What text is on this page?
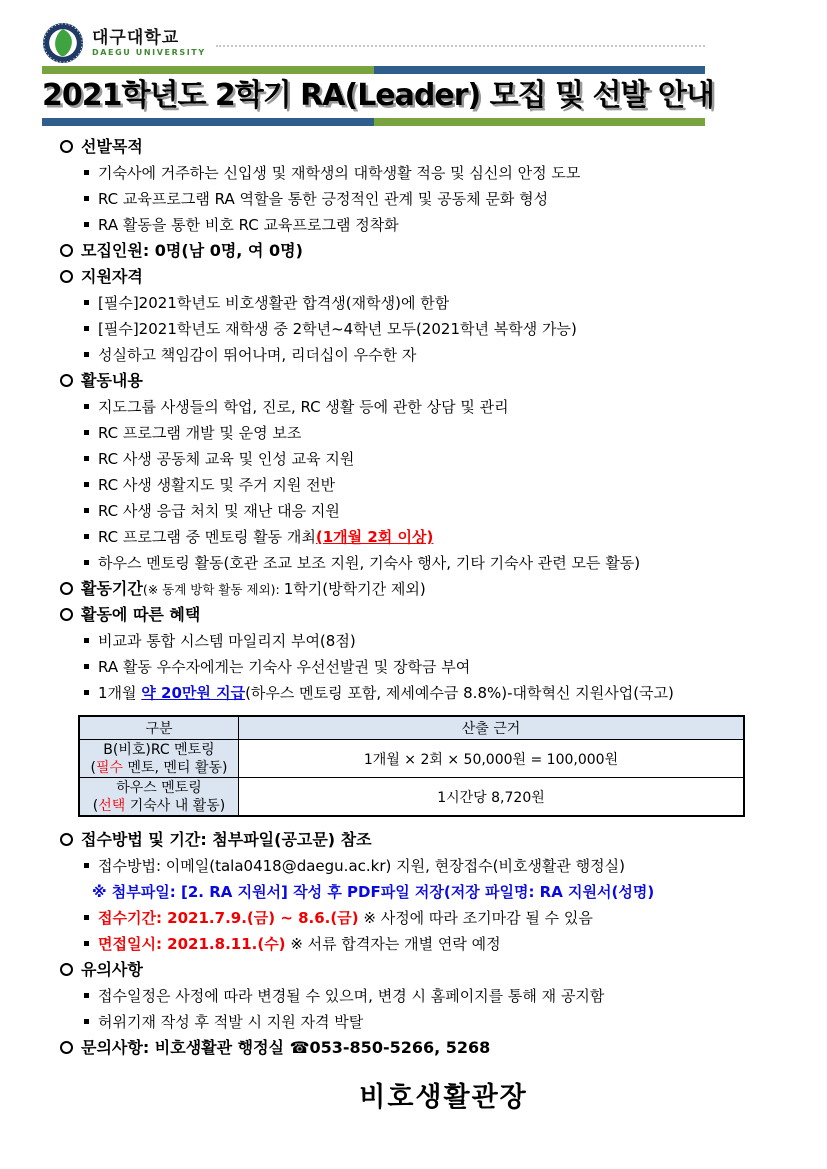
대구대학교
DAEGU UNIVERSITY
2021학년도 2학기 RA(Leader) 모집 및 선발 안내
선발목적
기숙사에 거주하는 신입생 및 재학생의 대학생활 적응 및 심신의 안정 도모
RC 교육프로그램 RA 역할을 통한 긍정적인 관계 및 공동체 문화 형성
RA 활동을 통한 비호 RC 교육프로그램 정착화
모집인원: 0명(남 0명, 여 0명)
지원자격
[필수]2021학년도 비호생활관 합격생(재학생)에 한함
[필수]2021학년도 재학생 중 2학년~4학년 모두(2021학년 복학생 가능)
성실하고 책임감이 뛰어나며, 리더십이 우수한 자
활동내용
지도그룹 사생들의 학업, 진로, RC 생활 등에 관한 상담 및 관리
RC 프로그램 개발 및 운영 보조
RC 사생 공동체 교육 및 인성 교육 지원
RC 사생 생활지도 및 주거 지원 전반
RC 사생 응급 처치 및 재난 대응 지원
RC 프로그램 중 멘토링 활동 개최(1개월 2회 이상)
하우스 멘토링 활동(호관 조교 보조 지원, 기숙사 행사, 기타 기숙사 관련 모든 활동)
활동기간(※ 동계 방학 활동 제외): 1학기(방학기간 제외)
활동에 따른 혜택
비교과 통합 시스템 마일리지 부여(8점)
RA 활동 우수자에게는 기숙사 우선선발권 및 장학금 부여
1개월 약 20만원 지급(하우스 멘토링 포함, 제세예수금 8.8%)-대학혁신 지원사업(국고)
구분	산출 근거

B(비호)RC 멘토링
(필수 멘토, 멘티 활동)	1개월 × 2회 × 50,000원 = 100,000원

하우스 멘토링
(선택 기숙사 내 활동)	1시간당 8,720원
접수방법 및 기간: 첨부파일(공고문) 참조
접수방법: 이메일(tala0418@daegu.ac.kr) 지원, 현장접수(비호생활관 행정실)
※ 첨부파일: [2. RA 지원서] 작성 후 PDF파일 저장(저장 파일명: RA 지원서(성명)
접수기간: 2021.7.9.(금) ~ 8.6.(금) ※ 사정에 따라 조기마감 될 수 있음
면접일시: 2021.8.11.(수) ※ 서류 합격자는 개별 연락 예정
유의사항
접수일정은 사정에 따라 변경될 수 있으며, 변경 시 홈페이지를 통해 재 공지함
허위기재 작성 후 적발 시 지원 자격 박탈
문의사항: 비호생활관 행정실 ☎053-850-5266, 5268
비호생활관장
